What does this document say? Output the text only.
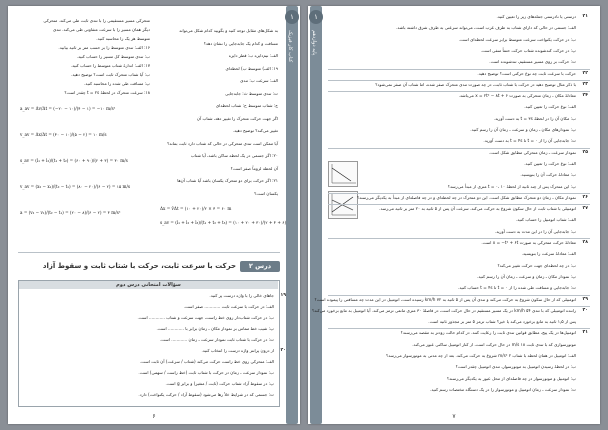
۱
پایه دوازدهم
۷
درستی یا نادرستی جمله‌های زیر را تعیین کنید. ۲۱
الف: جسمی در حالی که دارای شتاب به طرف غرب است، می‌تواند سرعتی به طرف شرق داشته باشد.
ب: در حرکت یکنواخت سرعت متوسط برابر سرعت لحظه‌ای است.
پ: در حرکت کندشونده شتاب حرکت حتماً منفی است.
ت: حرکت بر روی مسیر مستقیم، تندشونده است.
حرکت با سرعت ثابت چه نوع حرکتی است؟ توضیح دهید. ۲۲
با ذکر مثال توضیح دهید در حرکت با شتاب ثابت، در چه صورت تندی متحرک صفر شده، اما شتاب آن صفر نمی‌شود؟ ۲۳
معادلهٔ مکان ـ زمان متحرکی به صورت x = ۲t² − ۸t + ۶ می‌باشد. ۲۴
الف: نوع حرکت را تعیین کنید.
ب: مکان آن را در لحظهٔ t = ۳s به دست آورید.
پ: نمودارهای مکان ـ زمان و سرعت ـ زمان آن را رسم کنید.
ت: جابه‌جایی آن را از t = ۰ تا t = ۴s به دست آورید.
نمودار سرعت ـ زمان متحرکی مطابق شکل است. ۲۵
الف: نوع حرکت را تعیین کنید.
ب: معادلهٔ حرکت آن را بنویسید.
پ: این متحرک پس از چند ثانیه از لحظهٔ t = ۰، ۱۰ متری از مبدأ می‌رسد؟
نمودار مکان ـ زمان دو متحرک مطابق شکل است. این دو متحرک در چه لحظه‌ای و در چه فاصله‌ای از مبدأ به یکدیگر می‌رسند؟ ۲۶
اتومبیلی با شتاب ثابت از حال سکون شروع به حرکت می‌کند. سرعت آن پس از ۵ ثانیه به ۲۰ متر بر ثانیه می‌رسد. ۲۷
الف: شتاب اتومبیل را حساب کنید.
ب: جابه‌جایی آن را در این مدت به دست آورید.
معادلهٔ حرکت متحرکی به صورت x = −t² + ۶t است. ۲۸
الف: معادلهٔ سرعت را بنویسید.
ب: در چه لحظه‌ای جهت حرکت تغییر می‌کند؟
پ: نمودار مکان ـ زمان و سرعت ـ زمان آن را رسم کنید.
ت: جابه‌جایی و مسافت طی شده را از t = ۰ تا t = ۴s حساب کنید.
اتومبیلی که از حال سکون شروع به حرکت می‌کند و تندی آن پس از ۵ ثانیه به ۷۲ km/h رسیده است، اتومبیل در این مدت چه مسافتی را پیموده است؟ ۲۹
راننده اتومبیلی که با تندی ۵۴ km/h در یک مسیر مستقیم در حال حرکت است، در فاصلهٔ ۳۰ متری مانعی ترمز می‌کند. آیا اتومبیل به مانع برخورد می‌کند؟ ۳۰
پس از ۱٫۵ ثانیه به مانع برخورد می‌کند یا خیر؟ شتاب ترمز ۵ متر بر مجذور ثانیه است.
اتومبیل‌ها در یک پیچ، مطابق قوانین تندی ثابت را رعایت کنند. در کدام حالت زودتر به مقصد می‌رسند؟ ۳۱
موتورسواری که با تندی ثابت ۱۸ m/s در حال حرکت است، از کنار اتومبیل ساکنی عبور می‌کند.
الف: اتومبیل در همان لحظه با شتاب ۲ m/s² شروع به حرکت می‌کند. بعد از چه مدتی به موتورسوار می‌رسد؟
ب: در لحظهٔ رسیدن اتومبیل به موتورسوار، تندی اتومبیل چقدر است؟
پ: اتومبیل و موتورسوار در چه فاصله‌ای از محل عبور به یکدیگر می‌رسند؟
ت: نمودار سرعت ـ زمان اتومبیل و موتورسوار را در یک دستگاه مختصات رسم کنید.
۱
کتاب کار فیزیک
درس ۲
حرکت با سرعت ثابت، حرکت با شتاب ثابت و سقوط آزاد
سؤالات امتحانی درس دوم
۶
به شکل‌های مقابل توجه کنید و بگویید کدام شکل می‌تواند
مسافت و کدام یک جابه‌جایی را نشان دهد؟
الف: نیم‌دایره ب: قطر دایره
۱۹: الف) متوسط ب) لحظه‌ای
الف: سرعت ب: تندی
ت: تندی متوسط ث: جابه‌جایی
ج: شتاب متوسط ح: شتاب لحظه‌ای
اگر جهت حرکت متحرک را تغییر دهد، شتاب آن
تغییر می‌کند؟ توضیح دهید.
آیا ممکن است تندی متحرکی در حالی که شتاب دارد ثابت بماند؟
۲۰: اگر جسمی در یک لحظه ساکن باشد، آیا شتاب
آن لحظه لزوماً صفر است؟
۲۱: اگر حرکت برای دو متحرک یکسان باشد آیا شتاب آن‌ها
یکسان است؟
Δx = v̄Δt = (۱۰ + ۲۰)/۲ × ۴ = ۶۰ m
s_av = (l₁ + l₂ + l₃)/(t₁ + t₂ + t₃) = (۱۰ + ۲۰ + ۳۰)/(۲ + ۴ + ۶)
متحرکی مسیر مستقیمی را با تندی ثابت طی می‌کند. متحرکی
دیگر همان مسیر را با سرعت متفاوتی طی می‌کند. تندی
متوسط هر یک را محاسبه کنید.
۱۶: الف: تندی متوسط را بر حسب متر بر ثانیه بیابید.
ب: تندی متوسط کل مسیر را حساب کنید.
۱۷: الف: اندازهٔ شتاب متوسط را حساب کنید.
ب: آیا شتاب متحرک ثابت است؟ توضیح دهید.
پ: مسافت طی شده را محاسبه کنید.
۱۸: سرعت متحرک در لحظهٔ t = ۲s چقدر است؟
a_av = Δv/Δt = (−۲۰ − ۱۰)/(۴ − ۱) = −۱۰ m/s²
v_av = Δx/Δt = (۴۰ − ۱۰)/(۵ − ۲) = ۱۰ m/s
s_av = (l₁ + l₂)/(t₁ + t₂) = (۶۰ + ۹۰)/(۲ + ۳) = ۳۰ m/s
v_av = (x₂ − x₁)/(t₂ − t₁) = (۸۰ − ۲۰)/(۶ − ۲) = ۱۵ m/s
a = (v₂ − v₁)/(t₂ − t₁) = (۲۰ − ۸)/(۶ − ۲) = ۳ m/s²
جاهای خالی را با واژه درست پر کنید. ۱۹
الف: در حرکت با سرعت ثابت ............ صفر است.
ب: در حرکت شتاب‌دار روی خط راست، جهت سرعت و شتاب ............ است.
پ: شیب خط مماس بر نمودار مکان ـ زمان برابر با ............ است.
ت: در حرکت با شتاب ثابت نمودار سرعت ـ زمان ............ است.
از درون پرانتز واژه درست را انتخاب کنید. ۲۰
الف: متحرکی روی خط راست حرکت می‌کند (شتاب / سرعت) آن ثابت است.
ب: نمودار سرعت ـ زمان در حرکت با شتاب ثابت (خط راست / سهمی) است.
پ: در سقوط آزاد شتاب حرکت (ثابت / متغیر) و برابر g است.
ت: جسمی که در شرایط خلأ رها می‌شود (سقوط آزاد / حرکت یکنواخت) دارد.
